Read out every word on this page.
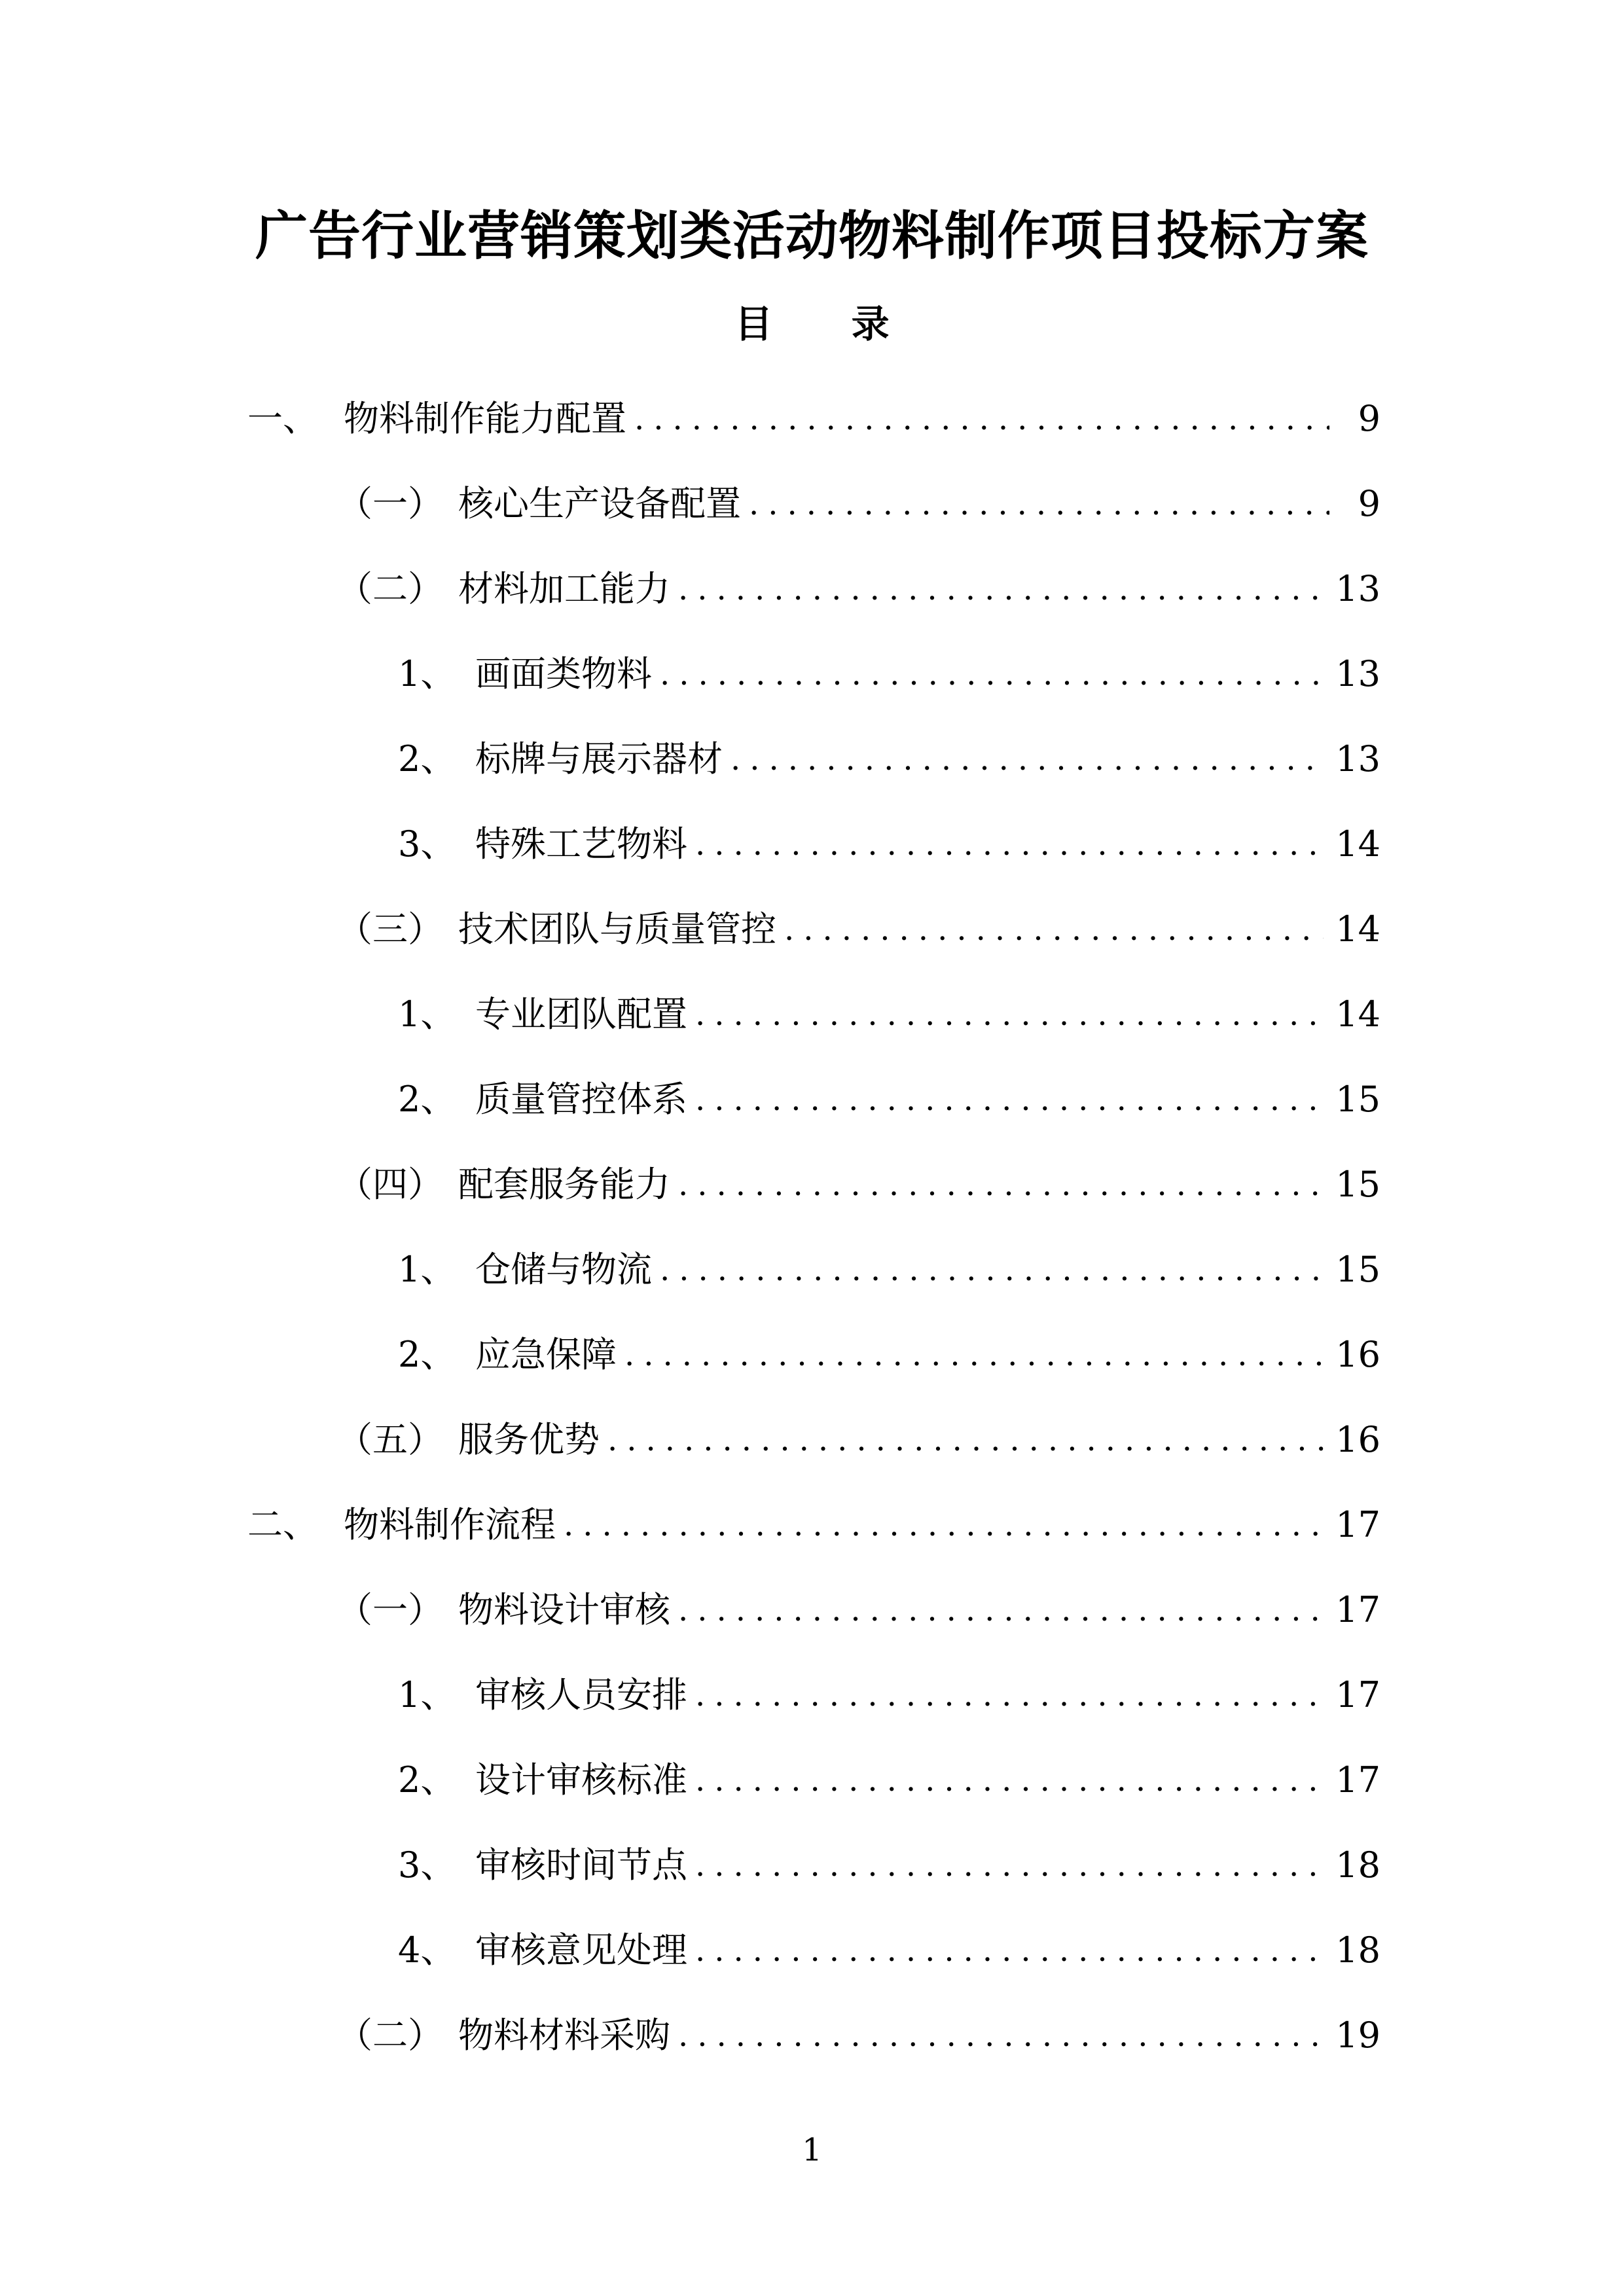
广告行业营销策划类活动物料制作项目投标方案
目 录
一、 物料制作能力配置 .....	9
（一） 核心生产设备配置 .....	9
（二） 材料加工能力 .....	13
1、 画面类物料 .....	13
2、 标牌与展示器材 .....	13
3、 特殊工艺物料 .....	14
（三） 技术团队与质量管控 .....	14
1、 专业团队配置 .....	14
2、 质量管控体系 .....	15
（四） 配套服务能力 .....	15
1、 仓储与物流 .....	15
2、 应急保障 .....	16
（五） 服务优势 .....	16
二、 物料制作流程 .....	17
（一） 物料设计审核 .....	17
1、 审核人员安排 .....	17
2、 设计审核标准 .....	17
3、 审核时间节点 .....	18
4、 审核意见处理 .....	18
（二） 物料材料采购 .....	19
1
